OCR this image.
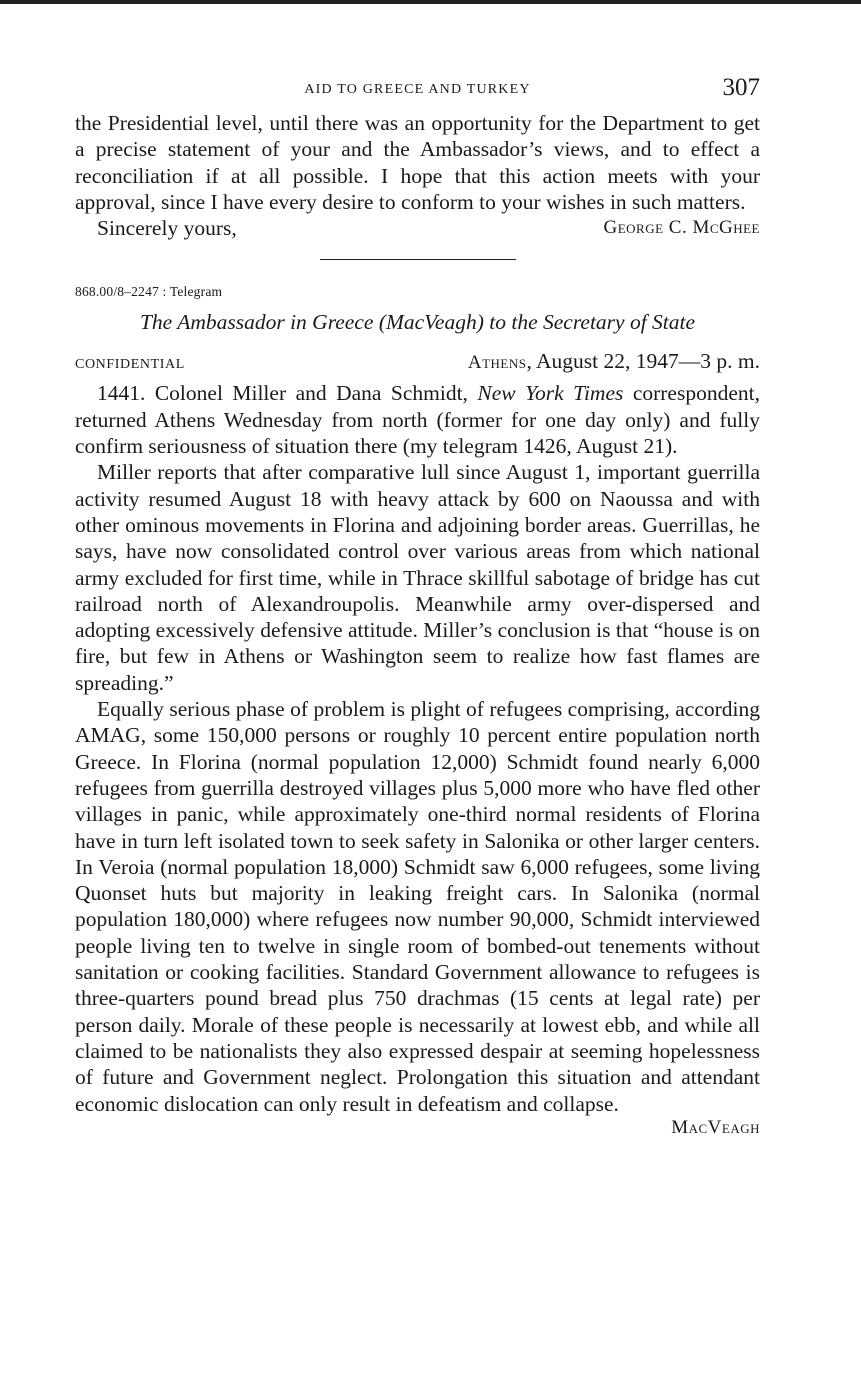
AID TO GREECE AND TURKEY	307

the Presidential level, until there was an opportunity for the Department to get a precise statement of your and the Ambassador’s views, and to effect a reconciliation if at all possible. I hope that this action meets with your approval, since I have every desire to conform to your wishes in such matters.

Sincerely yours,	George C. McGhee
868.00/8–2247 : Telegram
The Ambassador in Greece (MacVeagh) to the Secretary of State
CONFIDENTIAL	Athens, August 22, 1947—3 p. m.

1441. Colonel Miller and Dana Schmidt, New York Times correspondent, returned Athens Wednesday from north (former for one day only) and fully confirm seriousness of situation there (my telegram 1426, August 21).

Miller reports that after comparative lull since August 1, important guerrilla activity resumed August 18 with heavy attack by 600 on Naoussa and with other ominous movements in Florina and adjoining border areas. Guerrillas, he says, have now consolidated control over various areas from which national army excluded for first time, while in Thrace skillful sabotage of bridge has cut railroad north of Alexandroupolis. Meanwhile army over-dispersed and adopting excessively defensive attitude. Miller’s conclusion is that “house is on fire, but few in Athens or Washington seem to realize how fast flames are spreading.”

Equally serious phase of problem is plight of refugees comprising, according AMAG, some 150,000 persons or roughly 10 percent entire population north Greece. In Florina (normal population 12,000) Schmidt found nearly 6,000 refugees from guerrilla destroyed villages plus 5,000 more who have fled other villages in panic, while approximately one-third normal residents of Florina have in turn left isolated town to seek safety in Salonika or other larger centers. In Veroia (normal population 18,000) Schmidt saw 6,000 refugees, some living Quonset huts but majority in leaking freight cars. In Salonika (normal population 180,000) where refugees now number 90,000, Schmidt interviewed people living ten to twelve in single room of bombed-out tenements without sanitation or cooking facilities. Standard Government allowance to refugees is three-quarters pound bread plus 750 drachmas (15 cents at legal rate) per person daily. Morale of these people is necessarily at lowest ebb, and while all claimed to be nationalists they also expressed despair at seeming hopelessness of future and Government neglect. Prolongation this situation and attendant economic dislocation can only result in defeatism and collapse.

MacVeagh
